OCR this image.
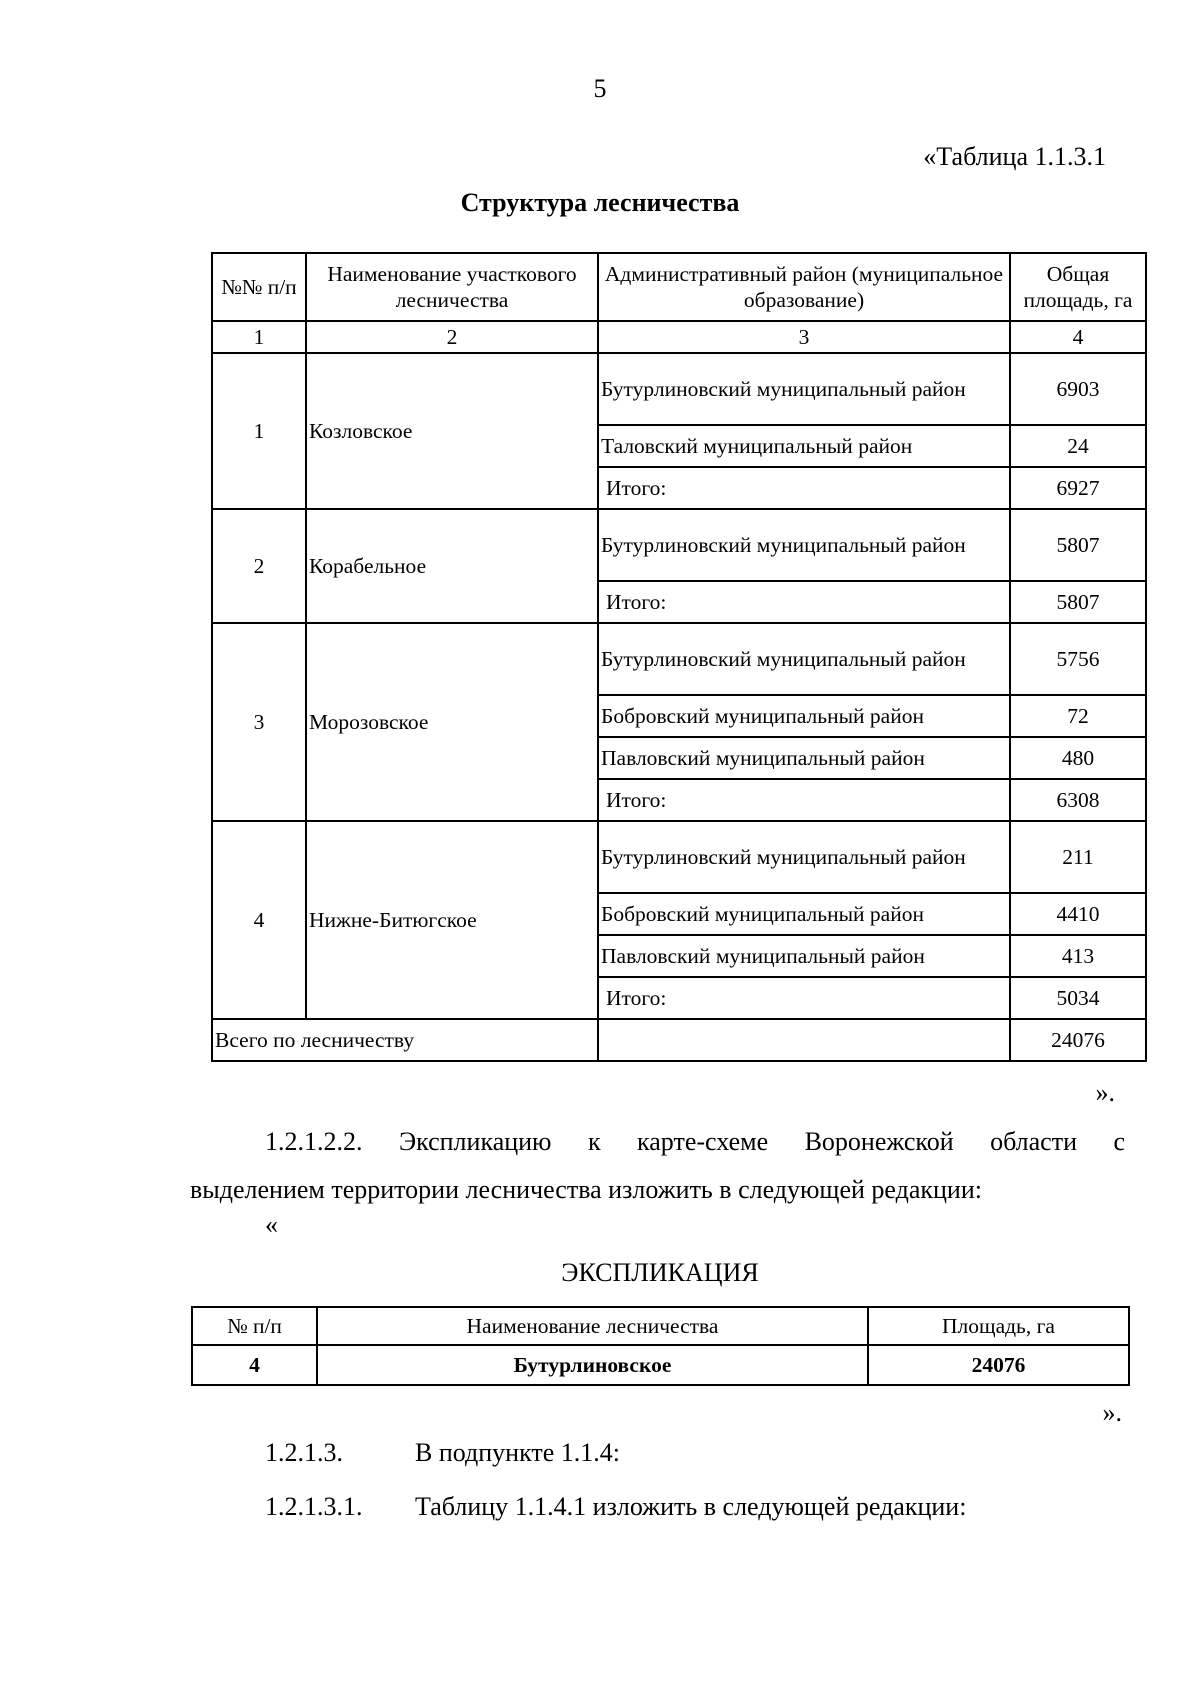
5
«Таблица 1.1.3.1
Структура лесничества
№№ п/п	Наименование участкового лесничества	Административный район (муниципальное образование)	Общая площадь, га
1	2	3	4
1	Козловское	Бутурлиновский муниципальный район	6903
		Таловский муниципальный район	24
		Итого:	6927
2	Корабельное	Бутурлиновский муниципальный район	5807
		Итого:	5807
3	Морозовское	Бутурлиновский муниципальный район	5756
		Бобровский муниципальный район	72
		Павловский муниципальный район	480
		Итого:	6308
4	Нижне-Битюгское	Бутурлиновский муниципальный район	211
		Бобровский муниципальный район	4410
		Павловский муниципальный район	413
		Итого:	5034
Всего по лесничеству			24076
».
1.2.1.2.2. Экспликацию к карте-схеме Воронежской области с
выделением территории лесничества изложить в следующей редакции:
«
ЭКСПЛИКАЦИЯ
№ п/п	Наименование лесничества	Площадь, га
4	Бутурлиновское	24076
».
1.2.1.3.	В подпункте 1.1.4:
1.2.1.3.1. Таблицу 1.1.4.1 изложить в следующей редакции:
